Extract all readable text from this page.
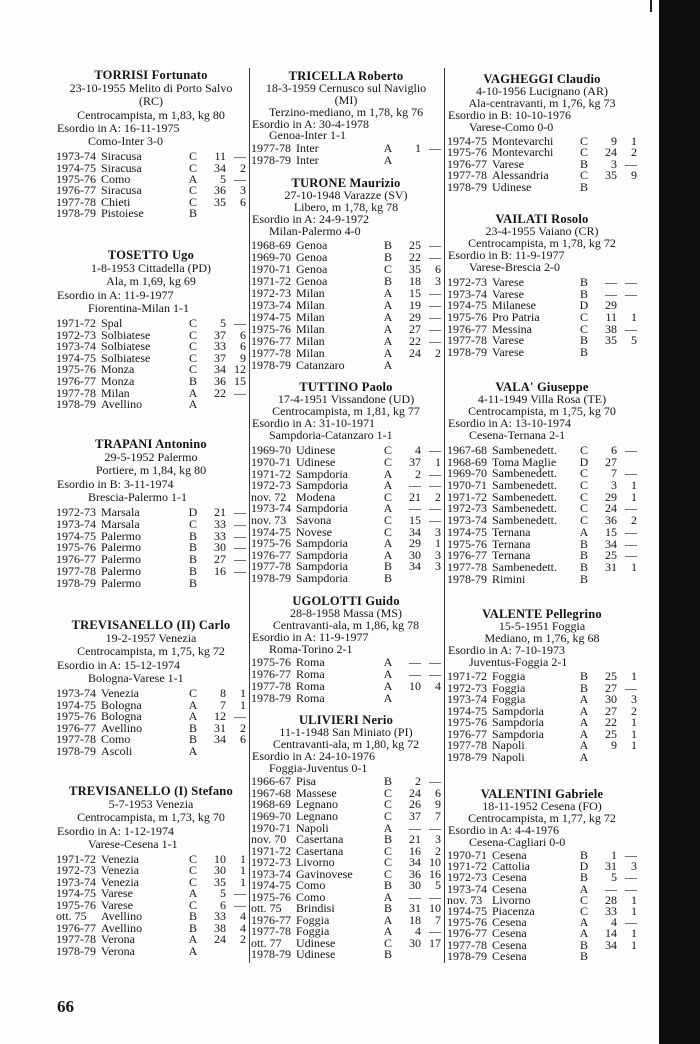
66
TORRISI Fortunato
23-10-1955 Melito di Porto Salvo
(RC)
Centrocampista, m 1,83, kg 80
Esordio in A: 16-11-1975
Como-Inter 3-0
1973-74 Siracusa	C	11 —
1974-75 Siracusa	C	34	2
1975-76 Como	A	5 —
1976-77 Siracusa	C	36	3
1977-78 Chieti	C	35	6
1978-79 Pistoiese	B
TOSETTO Ugo
1-8-1953 Cittadella (PD)
Ala, m 1,69, kg 69
Esordio in A: 11-9-1977
Fiorentina-Milan 1-1
1971-72 Spal	C	5 —
1972-73 Solbiatese	C	37	6
1973-74 Solbiatese	C	33	6
1974-75 Solbiatese	C	37	9
1975-76 Monza	C	34 12
1976-77 Monza	B	36 15
1977-78 Milan	A	22 —
1978-79 Avellino	A
TRAPANI Antonino
29-5-1952 Palermo
Portiere, m 1,84, kg 80
Esordio in B: 3-11-1974
Brescia-Palermo 1-1
1972-73 Marsala	D	21 —
1973-74 Marsala	C	33 —
1974-75 Palermo	B	33 —
1975-76 Palermo	B	30 —
1976-77 Palermo	B	27 —
1977-78 Palermo	B	16 —
1978-79 Palermo	B
TREVISANELLO (II) Carlo
19-2-1957 Venezia
Centrocampista, m 1,75, kg 72
Esordio in A: 15-12-1974
Bologna-Varese 1-1
1973-74 Venezia	C	8	1
1974-75 Bologna	A	7	1
1975-76 Bologna	A	12 —
1976-77 Avellino	B	31	2
1977-78 Como	B	34	6
1978-79 Ascoli	A
TREVISANELLO (I) Stefano
5-7-1953 Venezia
Centrocampista, m 1,73, kg 70
Esordio in A: 1-12-1974
Varese-Cesena 1-1
1971-72 Venezia	C	10	1
1972-73 Venezia	C	30	1
1973-74 Venezia	C	35	1
1974-75 Varese	A	5 —
1975-76 Varese	C	6 —
ott. 75 Avellino	B	33	4
1976-77 Avellino	B	38	4
1977-78 Verona	A	24	2
1978-79 Verona	A
TRICELLA Roberto
18-3-1959 Cernusco sul Naviglio
(MI)
Terzino-mediano, m 1,78, kg 76
Esordio in A: 30-4-1978
Genoa-Inter 1-1
1977-78 Inter	A	1 —
1978-79 Inter	A
TURONE Maurizio
27-10-1948 Varazze (SV)
Libero, m 1,78, kg 78
Esordio in A: 24-9-1972
Milan-Palermo 4-0
1968-69 Genoa	B	25 —
1969-70 Genoa	B	22 —
1970-71 Genoa	C	35	6
1971-72 Genoa	B	18	3
1972-73 Milan	A	15 —
1973-74 Milan	A	19 —
1974-75 Milan	A	29 —
1975-76 Milan	A	27 —
1976-77 Milan	A	22 —
1977-78 Milan	A	24	2
1978-79 Catanzaro	A
TUTTINO Paolo
17-4-1951 Vissandone (UD)
Centrocampista, m 1,81, kg 77
Esordio in A: 31-10-1971
Sampdoria-Catanzaro 1-1
1969-70 Udinese	C	4 —
1970-71 Udinese	C	37	1
1971-72 Sampdoria	A	2 —
1972-73 Sampdoria	A	— —
nov. 72 Modena	C	21	2
1973-74 Sampdoria	A	— —
nov. 73 Savona	C	15 —
1974-75 Novese	C	34	3
1975-76 Sampdoria	A	29	1
1976-77 Sampdoria	A	30	3
1977-78 Sampdoria	B	34	3
1978-79 Sampdoria	B
UGOLOTTI Guido
28-8-1958 Massa (MS)
Centravanti-ala, m 1,86, kg 78
Esordio in A: 11-9-1977
Roma-Torino 2-1
1975-76 Roma	A	— —
1976-77 Roma	A	— —
1977-78 Roma	A	10	4
1978-79 Roma	A
ULIVIERI Nerio
11-1-1948 San Miniato (PI)
Centravanti-ala, m 1,80, kg 72
Esordio in A: 24-10-1976
Foggia-Juventus 0-1
1966-67 Pisa	B	2 —
1967-68 Massese	C	24	6
1968-69 Legnano	C	26	9
1969-70 Legnano	C	37	7
1970-71 Napoli	A	— —
nov. 70 Casertana	B	21	3
1971-72 Casertana	C	16	2
1972-73 Livorno	C	34 10
1973-74 Gavinovese	C	36 16
1974-75 Como	B	30	5
1975-76 Como	A	— —
ott. 75 Brindisi	B	31 10
1976-77 Foggia	A	18	7
1977-78 Foggia	A	4 —
ott. 77 Udinese	C	30 17
1978-79 Udinese	B
VAGHEGGI Claudio
4-10-1956 Lucignano (AR)
Ala-centravanti, m 1,76, kg 73
Esordio in B: 10-10-1976
Varese-Como 0-0
1974-75 Montevarchi C	9	1
1975-76 Montevarchi C	24	2
1976-77 Varese	B	3 —
1977-78 Alessandria	C	35	9
1978-79 Udinese	B
VAILATI Rosolo
23-4-1955 Vaiano (CR)
Centrocampista, m 1,78, kg 72
Esordio in B: 11-9-1977
Varese-Brescia 2-0
1972-73 Varese	B	— —
1973-74 Varese	B	— —
1974-75 Milanese	D	29
1975-76 Pro Patria	C	11	1
1976-77 Messina	C	38 —
1977-78 Varese	B	35	5
1978-79 Varese	B
VALA' Giuseppe
4-11-1949 Villa Rosa (TE)
Centrocampista, m 1,75, kg 70
Esordio in A: 13-10-1974
Cesena-Ternana 2-1
1967-68 Sambenedett. C	6 —
1968-69 Toma Maglie D	27
1969-70 Sambenedett. C	7 —
1970-71 Sambenedett. C	3	1
1971-72 Sambenedett. C	29	1
1972-73 Sambenedett. C	24 —
1973-74 Sambenedett. C	36	2
1974-75 Ternana	A	15 —
1975-76 Ternana	B	34 —
1976-77 Ternana	B	25 —
1977-78 Sambenedett. B	31	1
1978-79 Rimini	B
VALENTE Pellegrino
15-5-1951 Foggia
Mediano, m 1,76, kg 68
Esordio in A: 7-10-1973
Juventus-Foggia 2-1
1971-72 Foggia	B	25	1
1972-73 Foggia	B	27 —
1973-74 Foggia	A	30	3
1974-75 Sampdoria	A	27	2
1975-76 Sampdoria	A	22	1
1976-77 Sampdoria	A	25	1
1977-78 Napoli	A	9	1
1978-79 Napoli	A
VALENTINI Gabriele
18-11-1952 Cesena (FO)
Centrocampista, m 1,77, kg 72
Esordio in A: 4-4-1976
Cesena-Cagliari 0-0
1970-71 Cesena	B	1 —
1971-72 Cattolia	D	31	3
1972-73 Cesena	B	5 —
1973-74 Cesena	A	— —
nov. 73 Livorno	C	28	1
1974-75 Piacenza	C	33	1
1975-76 Cesena	A	4 —
1976-77 Cesena	A	14	1
1977-78 Cesena	B	34	1
1978-79 Cesena	B
